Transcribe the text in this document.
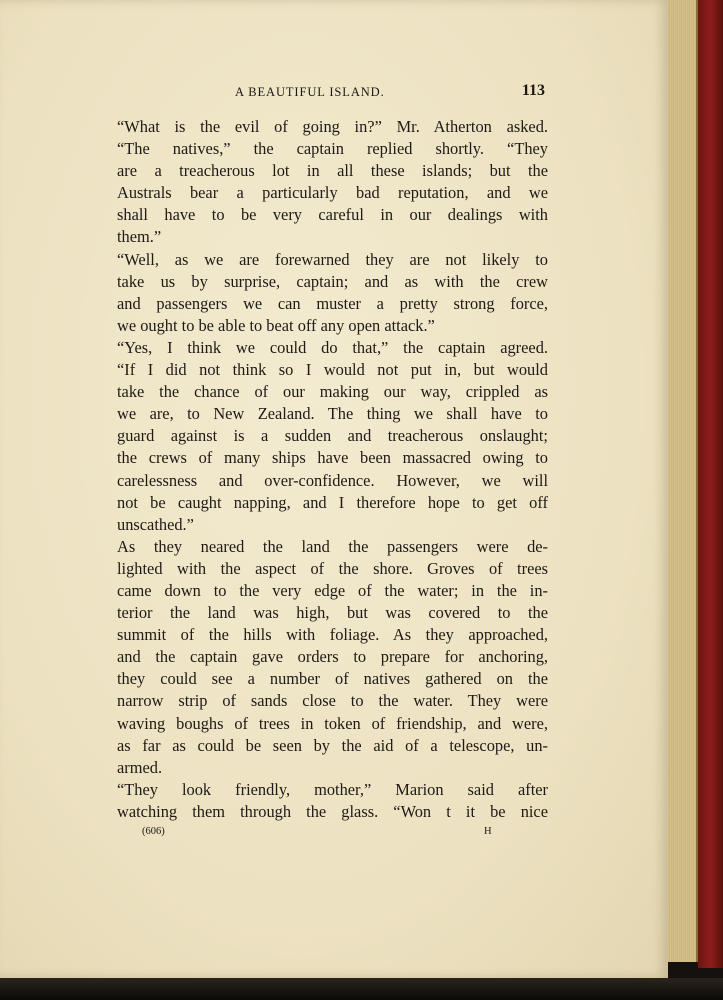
A BEAUTIFUL ISLAND.	113
“What is the evil of going in?” Mr. Atherton asked.
“The natives,” the captain replied shortly. “They
are a treacherous lot in all these islands; but the
Australs bear a particularly bad reputation, and we
shall have to be very careful in our dealings with
them.”
“Well, as we are forewarned they are not likely to
take us by surprise, captain; and as with the crew
and passengers we can muster a pretty strong force,
we ought to be able to beat off any open attack.”
“Yes, I think we could do that,” the captain agreed.
“If I did not think so I would not put in, but would
take the chance of our making our way, crippled as
we are, to New Zealand. The thing we shall have to
guard against is a sudden and treacherous onslaught;
the crews of many ships have been massacred owing to
carelessness and over-confidence. However, we will
not be caught napping, and I therefore hope to get off
unscathed.”
As they neared the land the passengers were de-
lighted with the aspect of the shore. Groves of trees
came down to the very edge of the water; in the in-
terior the land was high, but was covered to the
summit of the hills with foliage. As they approached,
and the captain gave orders to prepare for anchoring,
they could see a number of natives gathered on the
narrow strip of sands close to the water. They were
waving boughs of trees in token of friendship, and were,
as far as could be seen by the aid of a telescope, un-
armed.
“They look friendly, mother,” Marion said after
watching them through the glass. “Won t it be nice
(606)	H
